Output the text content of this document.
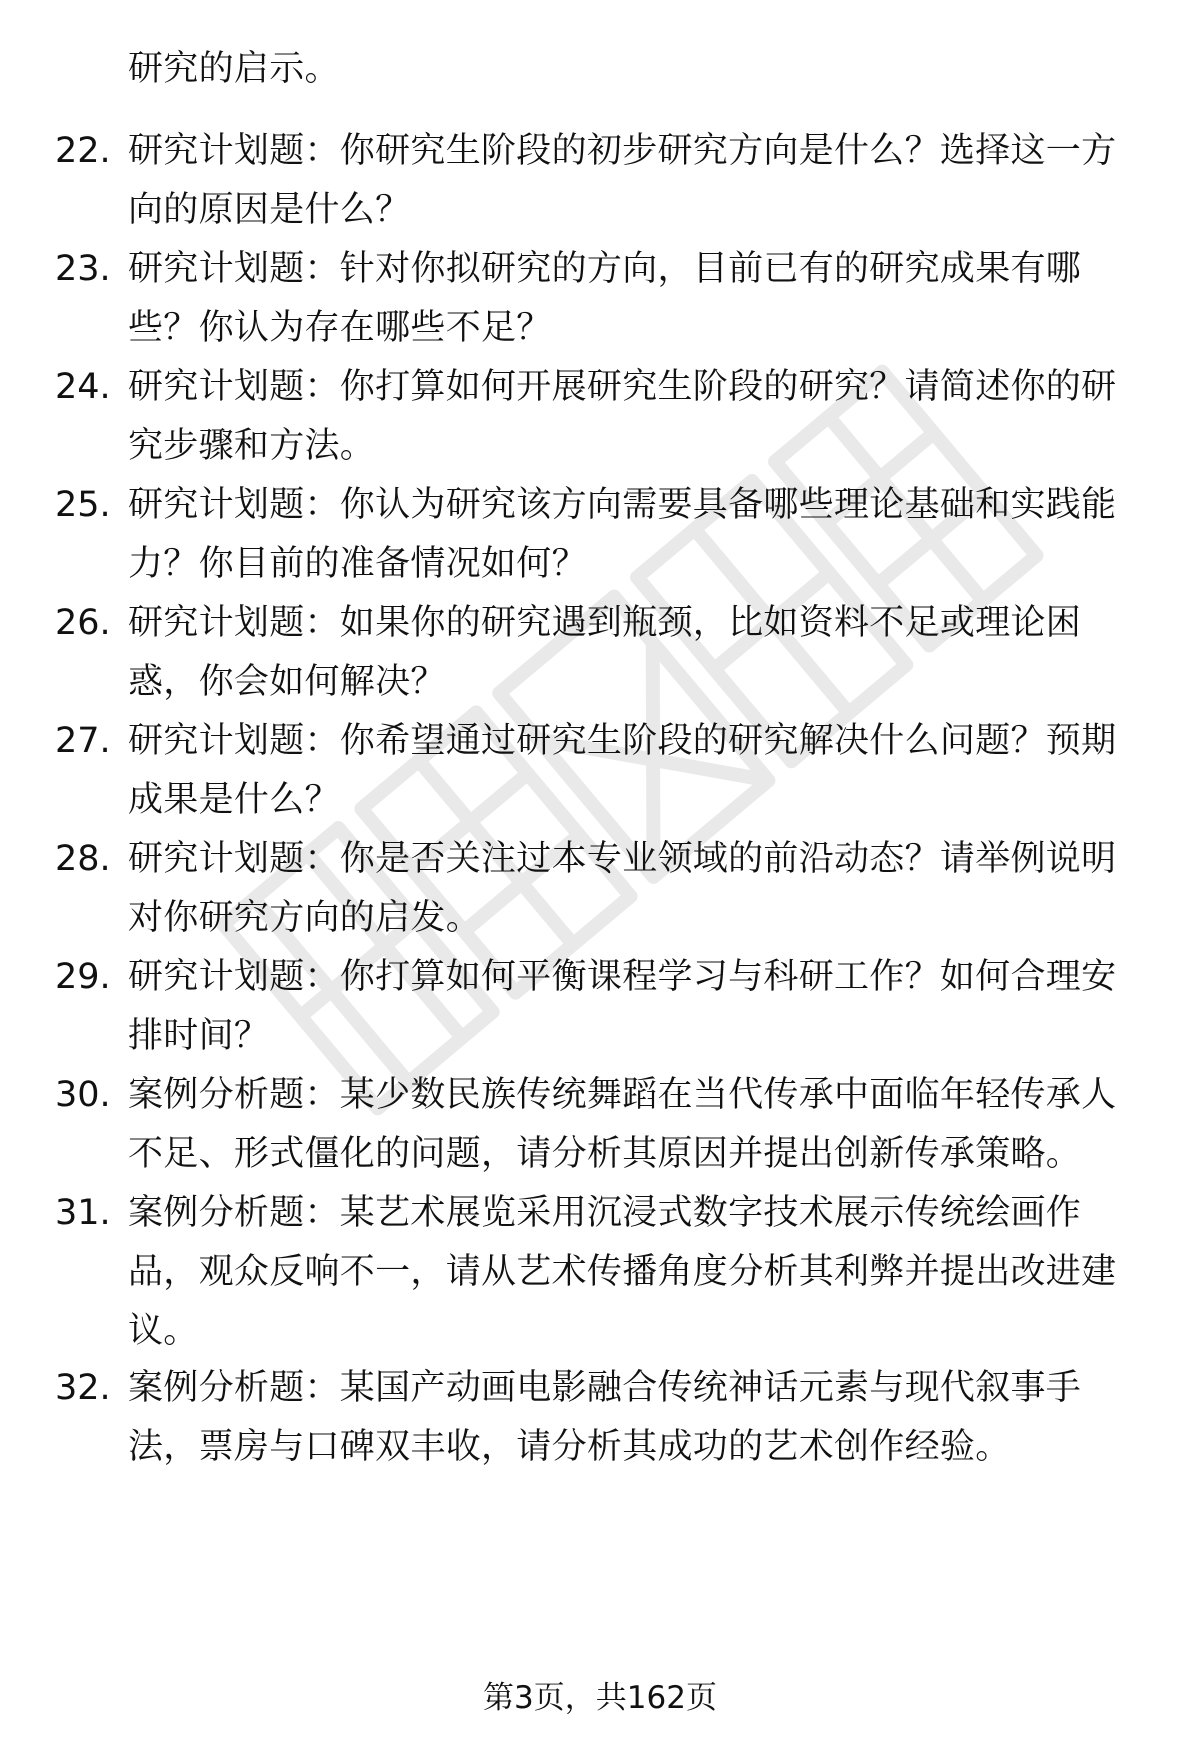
研究的启示。
22. 研究计划题：你研究生阶段的初步研究方向是什么？选择这一方向的原因是什么？
23. 研究计划题：针对你拟研究的方向，目前已有的研究成果有哪些？你认为存在哪些不足？
24. 研究计划题：你打算如何开展研究生阶段的研究？请简述你的研究步骤和方法。
25. 研究计划题：你认为研究该方向需要具备哪些理论基础和实践能力？你目前的准备情况如何？
26. 研究计划题：如果你的研究遇到瓶颈，比如资料不足或理论困惑，你会如何解决？
27. 研究计划题：你希望通过研究生阶段的研究解决什么问题？预期成果是什么？
28. 研究计划题：你是否关注过本专业领域的前沿动态？请举例说明对你研究方向的启发。
29. 研究计划题：你打算如何平衡课程学习与科研工作？如何合理安排时间？
30. 案例分析题：某少数民族传统舞蹈在当代传承中面临年轻传承人不足、形式僵化的问题，请分析其原因并提出创新传承策略。
31. 案例分析题：某艺术展览采用沉浸式数字技术展示传统绘画作品，观众反响不一，请从艺术传播角度分析其利弊并提出改进建议。
32. 案例分析题：某国产动画电影融合传统神话元素与现代叙事手法，票房与口碑双丰收，请分析其成功的艺术创作经验。
第3页，共162页
